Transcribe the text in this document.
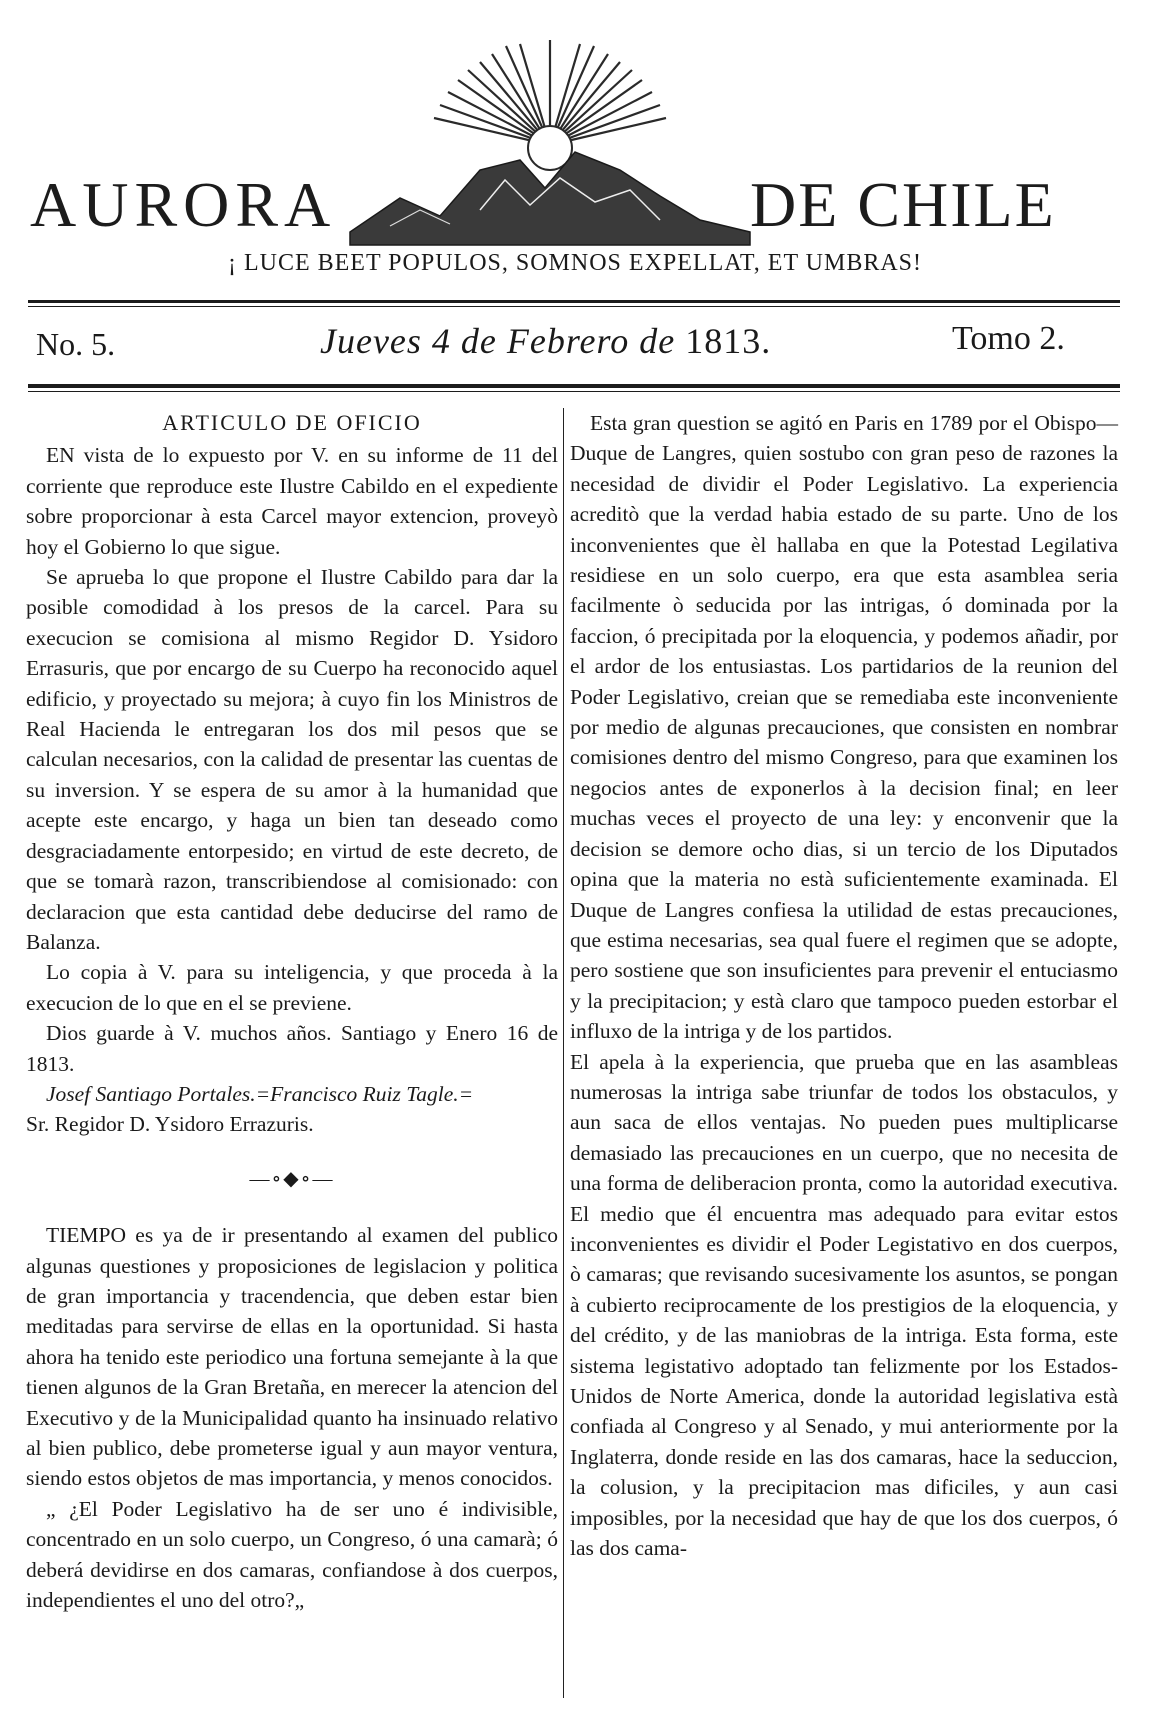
AURORA	DE CHILE
¡ LUCE BEET POPULOS, SOMNOS EXPELLAT, ET UMBRAS!
No. 5.	Jueves 4 de Febrero de 1813.	Tomo 2.

ARTICULO DE OFICIO

EN vista de lo expuesto por V. en su informe de 11 del corriente que reproduce este Ilustre Cabildo en el expediente sobre proporcionar à esta Carcel mayor extencion, proveyò hoy el Gobierno lo que sigue.

Se aprueba lo que propone el Ilustre Cabildo para dar la posible comodidad à los presos de la carcel. Para su execucion se comisiona al mismo Regidor D. Ysidoro Errasuris, que por encargo de su Cuerpo ha reconocido aquel edificio, y proyectado su mejora; à cuyo fin los Ministros de Real Hacienda le entregaran los dos mil pesos que se calculan necesarios, con la calidad de presentar las cuentas de su inversion. Y se espera de su amor à la humanidad que acepte este encargo, y haga un bien tan deseado como desgraciadamente entorpesido; en virtud de este decreto, de que se tomarà razon, transcribiendose al comisionado: con declaracion que esta cantidad debe deducirse del ramo de Balanza.

Lo copia à V. para su inteligencia, y que proceda à la execucion de lo que en el se previene.

Dios guarde à V. muchos años. Santiago y Enero 16 de 1813.

Josef Santiago Portales.=Francisco Ruiz Tagle.=

Sr. Regidor D. Ysidoro Errazuris.

—∘◆∘—

TIEMPO es ya de ir presentando al examen del publico algunas questiones y proposiciones de legislacion y politica de gran importancia y tracendencia, que deben estar bien meditadas para servirse de ellas en la oportunidad. Si hasta ahora ha tenido este periodico una fortuna semejante à la que tienen algunos de la Gran Bretaña, en merecer la atencion del Executivo y de la Municipalidad quanto ha insinuado relativo al bien publico, debe prometerse igual y aun mayor ventura, siendo estos objetos de mas importancia, y menos conocidos.

„ ¿El Poder Legislativo ha de ser uno é indivisible, concentrado en un solo cuerpo, un Congreso, ó una camarà; ó deberá devidirse en dos camaras, confiandose à dos cuerpos, independientes el uno del otro?„

Esta gran question se agitó en Paris en 1789 por el Obispo—Duque de Langres, quien sostubo con gran peso de razones la necesidad de dividir el Poder Legislativo. La experiencia acreditò que la verdad habia estado de su parte. Uno de los inconvenientes que èl hallaba en que la Potestad Legilativa residiese en un solo cuerpo, era que esta asamblea seria facilmente ò seducida por las intrigas, ó dominada por la faccion, ó precipitada por la eloquencia, y podemos añadir, por el ardor de los entusiastas. Los partidarios de la reunion del Poder Legislativo, creian que se remediaba este inconveniente por medio de algunas precauciones, que consisten en nombrar comisiones dentro del mismo Congreso, para que examinen los negocios antes de exponerlos à la decision final; en leer muchas veces el proyecto de una ley: y enconvenir que la decision se demore ocho dias, si un tercio de los Diputados opina que la materia no està suficientemente examinada. El Duque de Langres confiesa la utilidad de estas precauciones, que estima necesarias, sea qual fuere el regimen que se adopte, pero sostiene que son insuficientes para prevenir el entuciasmo y la precipitacion; y està claro que tampoco pueden estorbar el influxo de la intriga y de los partidos.

El apela à la experiencia, que prueba que en las asambleas numerosas la intriga sabe triunfar de todos los obstaculos, y aun saca de ellos ventajas. No pueden pues multiplicarse demasiado las precauciones en un cuerpo, que no necesita de una forma de deliberacion pronta, como la autoridad executiva. El medio que él encuentra mas adequado para evitar estos inconvenientes es dividir el Poder Legistativo en dos cuerpos, ò camaras; que revisando sucesivamente los asuntos, se pongan à cubierto reciprocamente de los prestigios de la eloquencia, y del crédito, y de las maniobras de la intriga. Esta forma, este sistema legistativo adoptado tan felizmente por los Estados-Unidos de Norte America, donde la autoridad legislativa està confiada al Congreso y al Senado, y mui anteriormente por la Inglaterra, donde reside en las dos camaras, hace la seduccion, la colusion, y la precipitacion mas dificiles, y aun casi imposibles, por la necesidad que hay de que los dos cuerpos, ó las dos cama-
